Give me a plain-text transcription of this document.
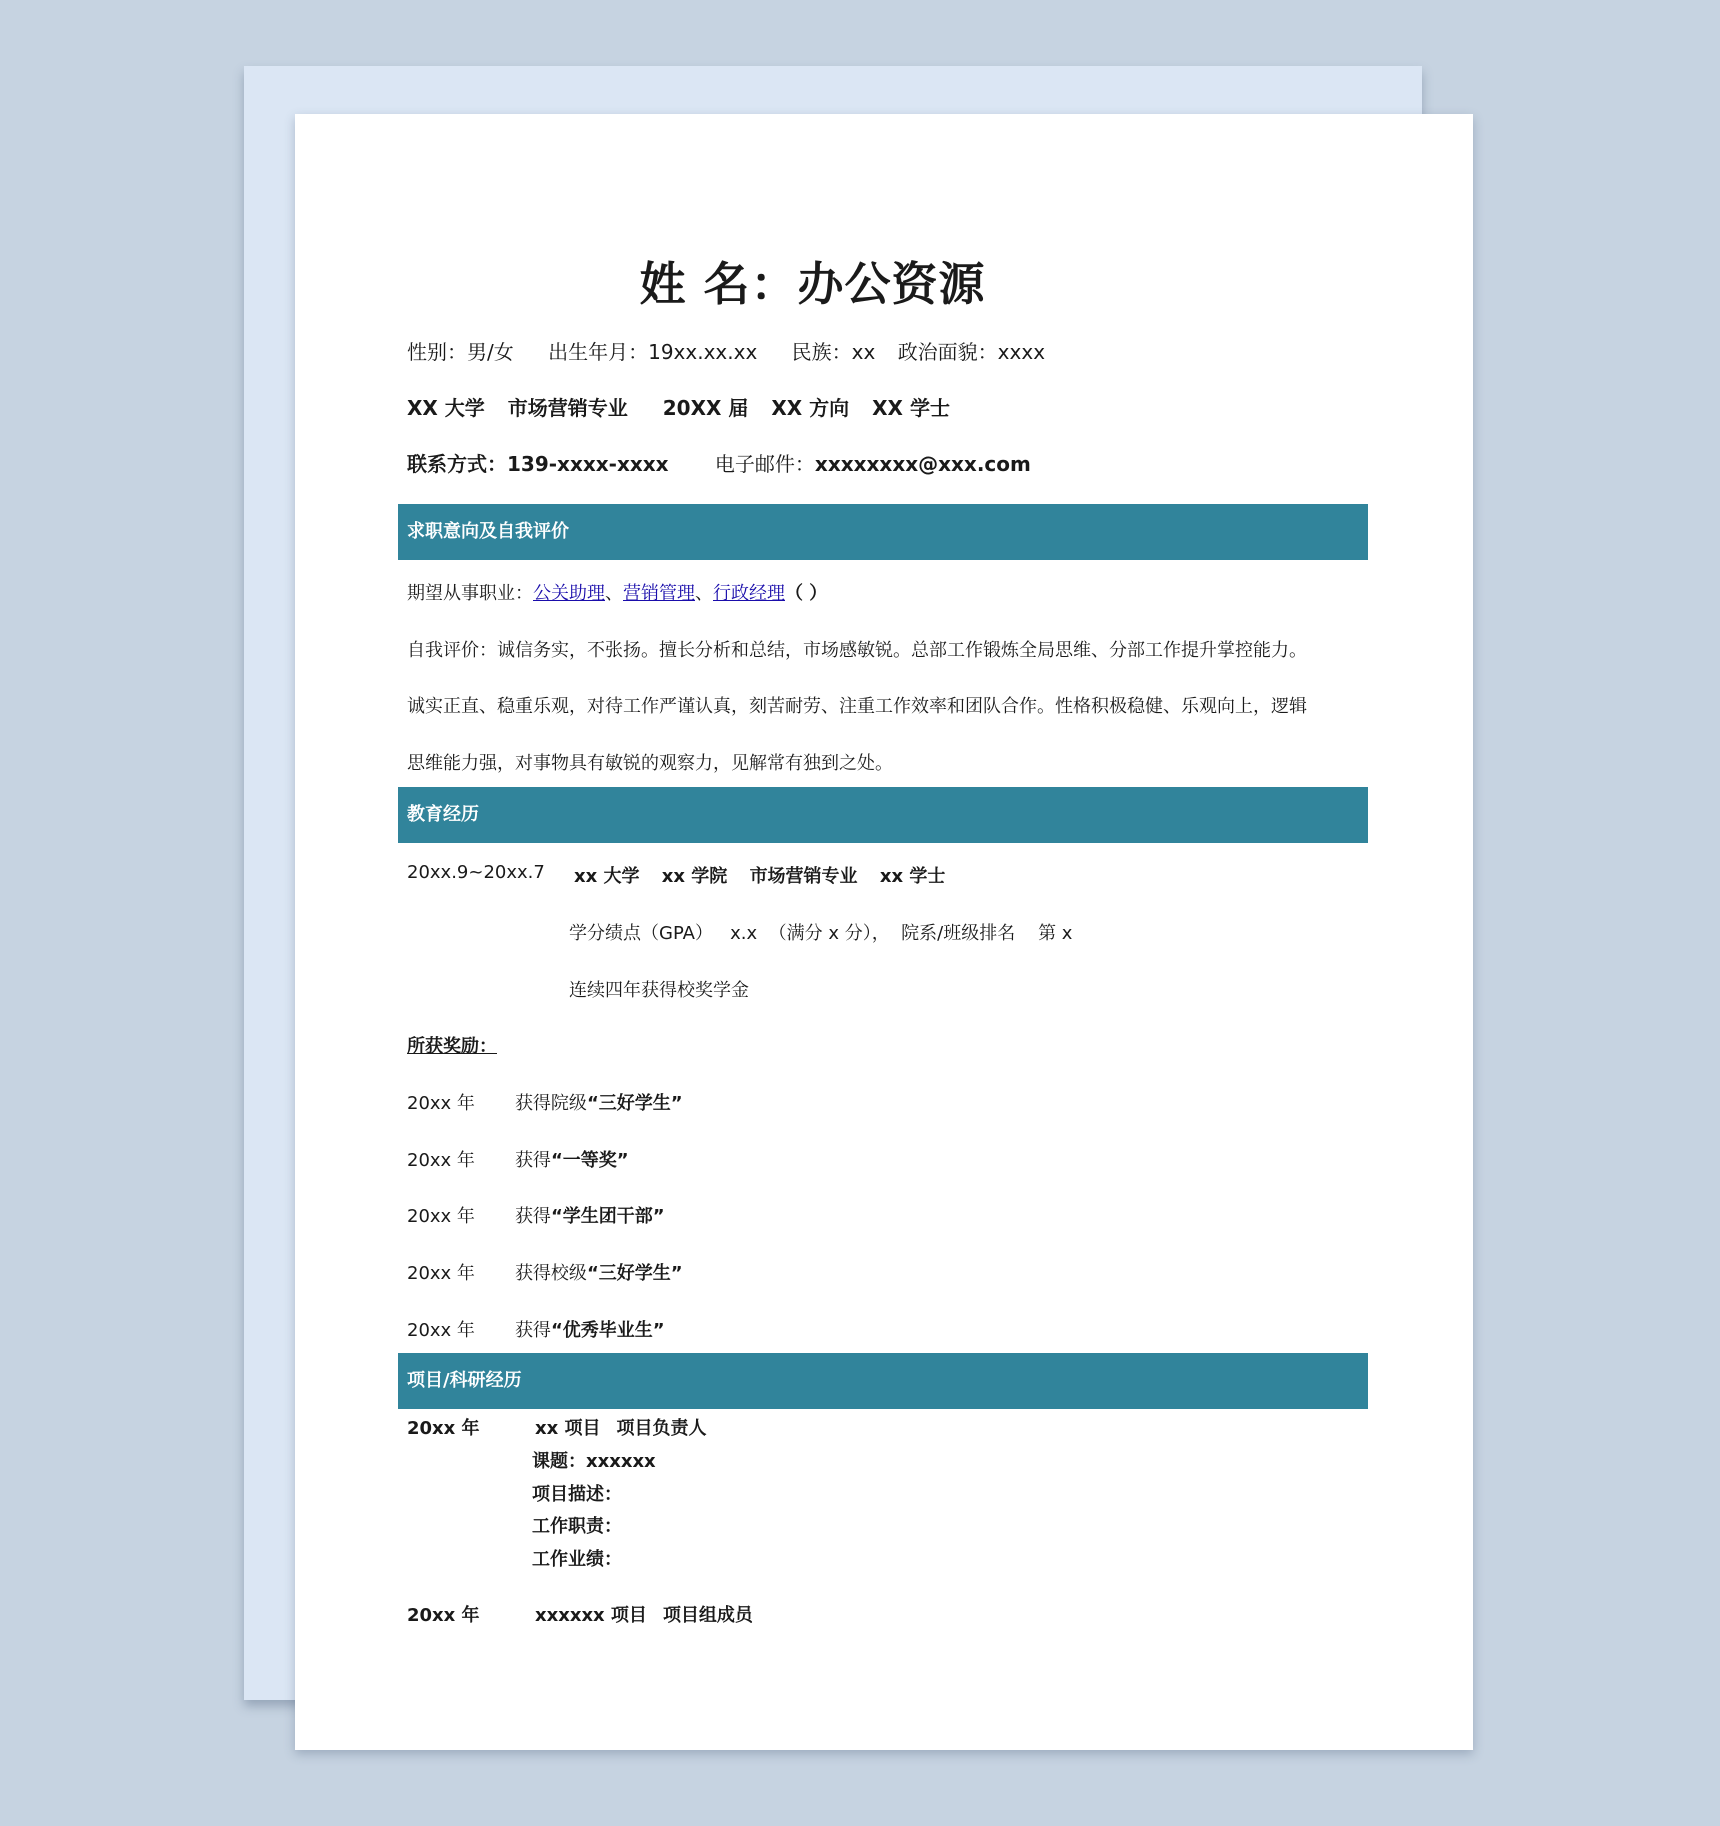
姓 名：办公资源
性别：男/女 出生年月：19xx.xx.xx 民族：xx 政治面貌：xxxx
XX 大学 市场营销专业 20XX 届 XX 方向 XX 学士
联系方式：139-xxxx-xxxx 电子邮件：xxxxxxxx@xxx.com
求职意向及自我评价
期望从事职业：公关助理、营销管理、行政经理（ ）
自我评价：诚信务实，不张扬。擅长分析和总结，市场感敏锐。总部工作锻炼全局思维、分部工作提升掌控能力。
诚实正直、稳重乐观，对待工作严谨认真，刻苦耐劳、注重工作效率和团队合作。性格积极稳健、乐观向上，逻辑
思维能力强，对事物具有敏锐的观察力，见解常有独到之处。
教育经历
20xx.9~20xx.7 xx 大学 xx 学院 市场营销专业 xx 学士
学分绩点（GPA）   x.x  （满分 x 分），  院系/班级排名    第 x
连续四年获得校奖学金
所获奖励：
20xx 年 获得院级“三好学生”
20xx 年 获得“一等奖”
20xx 年 获得“学生团干部”
20xx 年 获得校级“三好学生”
20xx 年 获得“优秀毕业生”
项目/科研经历
20xx 年	xx 项目 项目负责人
课题：xxxxxx
项目描述：
工作职责：
工作业绩：
20xx 年	xxxxxx 项目 项目组成员
